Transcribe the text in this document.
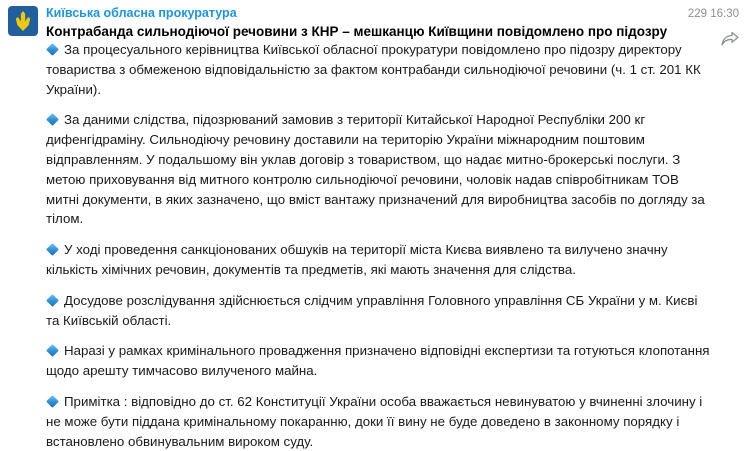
Київська обласна прокуратура
Контрабанда сильнодіючої речовини з КНР – мешканцю Київщини повідомлено про підозру
229 16:30

За процесуального керівництва Київської обласної прокуратури повідомлено про підозру директору товариства з обмеженою відповідальністю за фактом контрабанди сильнодіючої речовини (ч. 1 ст. 201 КК України).

За даними слідства, підозрюваний замовив з території Китайської Народної Республіки 200 кг дифенгідраміну. Сильнодіючу речовину доставили на територію України міжнародним поштовим відправленням. У подальшому він уклав договір з товариством, що надає митно-брокерські послуги. З метою приховування від митного контролю сильнодіючої речовини, чоловік надав співробітникам ТОВ митні документи, в яких зазначено, що вміст вантажу призначений для виробництва засобів по догляду за тілом.

У ході проведення санкціонованих обшуків на території міста Києва виявлено та вилучено значну кількість хімічних речовин, документів та предметів, які мають значення для слідства.

Досудове розслідування здійснюється слідчим управління Головного управління СБ України у м. Києві та Київській області.

Наразі у рамках кримінального провадження призначено відповідні експертизи та готуються клопотання щодо арешту тимчасово вилученого майна.

Примітка : відповідно до ст. 62 Конституції України особа вважається невинуватою у вчиненні злочину і не може бути піддана кримінальному покаранню, доки її вину не буде доведено в законному порядку і встановлено обвинувальним вироком суду.
